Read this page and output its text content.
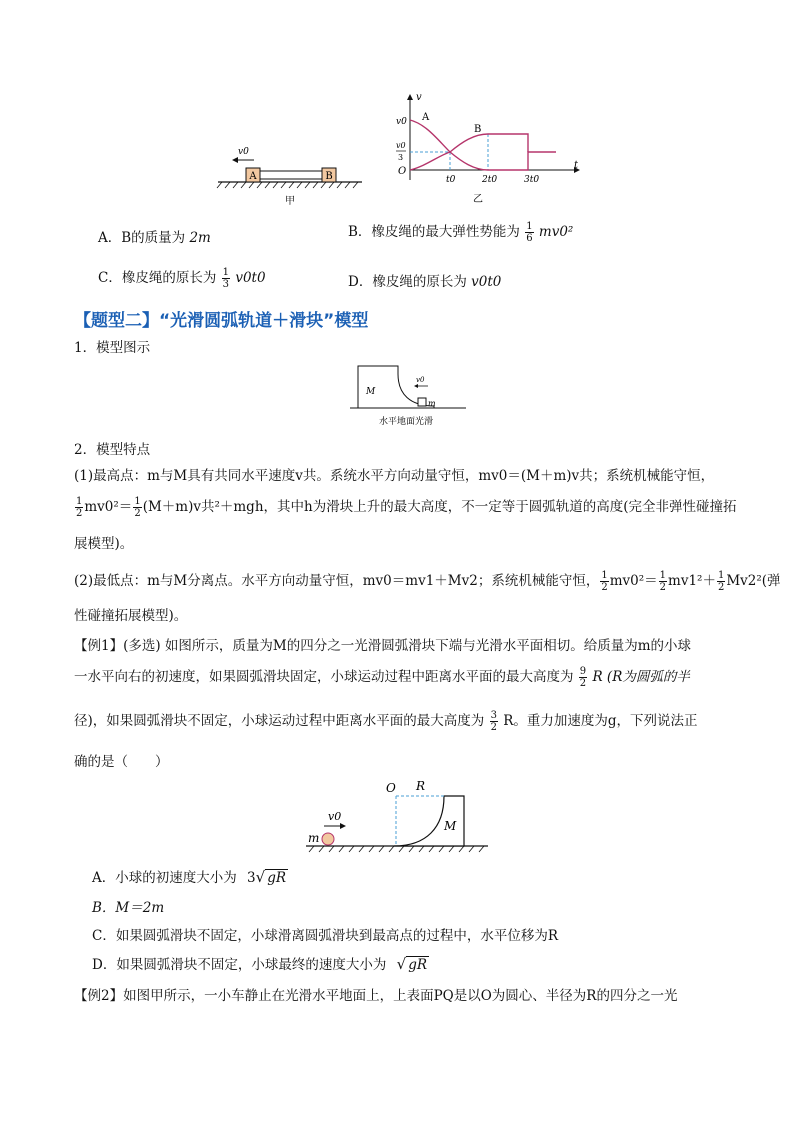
A	B
v0
甲
v
t
O
v0
v0
3
A
B
t0	2t0	3t0
乙
A．B的质量为 2m	B．橡皮绳的最大弹性势能为 $\frac{1}{6} mv0^2$
C．橡皮绳的原长为 $\frac{1}{3} v0t0$	D．橡皮绳的原长为 v0t0
【题型二】“光滑圆弧轨道＋滑块”模型
1．模型图示
M
m
v0
水平地面光滑
2．模型特点
(1)最高点：m与M具有共同水平速度v共。系统水平方向动量守恒，mv0＝(M＋m)v共；系统机械能守恒，
$\frac{1}{2} mv0^2= \frac{1}{2} (M+m)v$共²＋mgh，其中h为滑块上升的最大高度，不一定等于圆弧轨道的高度(完全非弹性碰撞拓
展模型)。
(2)最低点：m与M分离点。水平方向动量守恒，mv0＝mv1＋Mv2；系统机械能守恒， $\frac{1}{2} mv0^2= \frac{1}{2} mv1^2+ \frac{1}{2} Mv2^2$(弹
性碰撞拓展模型)。
【例1】(多选) 如图所示，质量为M的四分之一光滑圆弧滑块下端与光滑水平面相切。给质量为m的小球
一水平向右的初速度，如果圆弧滑块固定，小球运动过程中距离水平面的最大高度为 $\frac{9}{2}$ R (R为圆弧的半
径)，如果圆弧滑块不固定，小球运动过程中距离水平面的最大高度为 $\frac{3}{2}$ R。重力加速度为g，下列说法正
确的是（　　）
O R
M
m
v0
A．小球的初速度大小为 3√ gR
B．M＝2m
C．如果圆弧滑块不固定，小球滑离圆弧滑块到最高点的过程中，水平位移为R
D．如果圆弧滑块不固定，小球最终的速度大小为 √ gR
【例2】如图甲所示，一小车静止在光滑水平地面上，上表面PQ是以O为圆心、半径为R的四分之一光
